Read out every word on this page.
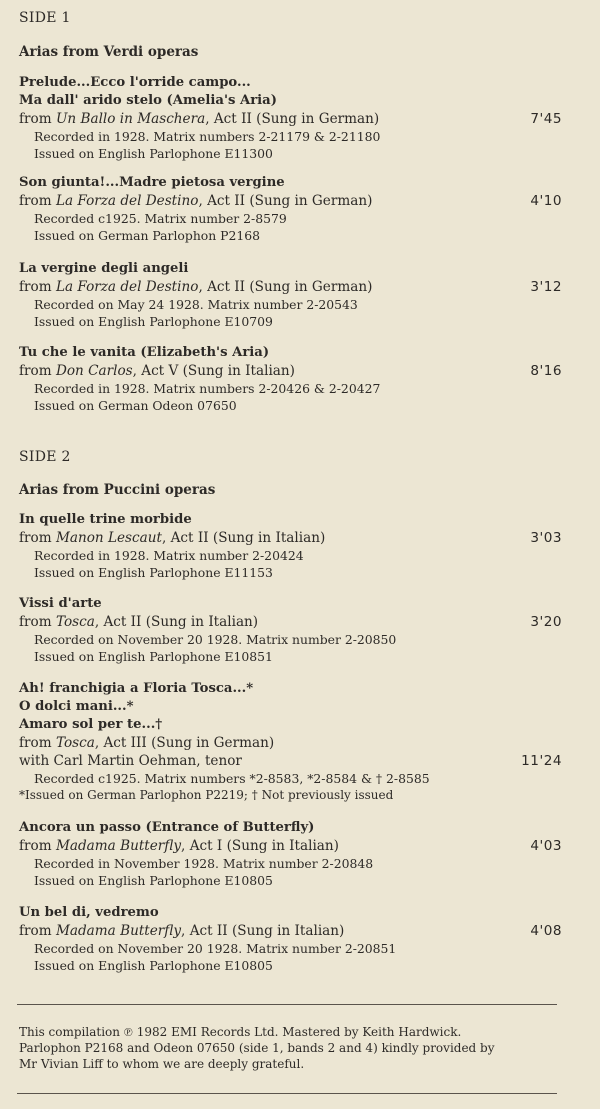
SIDE 1
Arias from Verdi operas
Prelude...Ecco l'orride campo...
Ma dall' arido stelo (Amelia's Aria)
from Un Ballo in Maschera, Act II (Sung in German)	7'45
Recorded in 1928. Matrix numbers 2-21179 & 2-21180
Issued on English Parlophone E11300
Son giunta!...Madre pietosa vergine
from La Forza del Destino, Act II (Sung in German)	4'10
Recorded c1925. Matrix number 2-8579
Issued on German Parlophon P2168
La vergine degli angeli
from La Forza del Destino, Act II (Sung in German)	3'12
Recorded on May 24 1928. Matrix number 2-20543
Issued on English Parlophone E10709
Tu che le vanita (Elizabeth's Aria)
from Don Carlos, Act V (Sung in Italian)	8'16
Recorded in 1928. Matrix numbers 2-20426 & 2-20427
Issued on German Odeon 07650
SIDE 2
Arias from Puccini operas
In quelle trine morbide
from Manon Lescaut, Act II (Sung in Italian)	3'03
Recorded in 1928. Matrix number 2-20424
Issued on English Parlophone E11153
Vissi d'arte
from Tosca, Act II (Sung in Italian)	3'20
Recorded on November 20 1928. Matrix number 2-20850
Issued on English Parlophone E10851
Ah! franchigia a Floria Tosca...*
O dolci mani...*
Amaro sol per te...†
from Tosca, Act III (Sung in German)
with Carl Martin Oehman, tenor	11'24
Recorded c1925. Matrix numbers *2-8583, *2-8584 & † 2-8585
*Issued on German Parlophon P2219; † Not previously issued
Ancora un passo (Entrance of Butterfly)
from Madama Butterfly, Act I (Sung in Italian)	4'03
Recorded in November 1928. Matrix number 2-20848
Issued on English Parlophone E10805
Un bel di, vedremo
from Madama Butterfly, Act II (Sung in Italian)	4'08
Recorded on November 20 1928. Matrix number 2-20851
Issued on English Parlophone E10805
This compilation ℗ 1982 EMI Records Ltd. Mastered by Keith Hardwick.
Parlophon P2168 and Odeon 07650 (side 1, bands 2 and 4) kindly provided by
Mr Vivian Liff to whom we are deeply grateful.
